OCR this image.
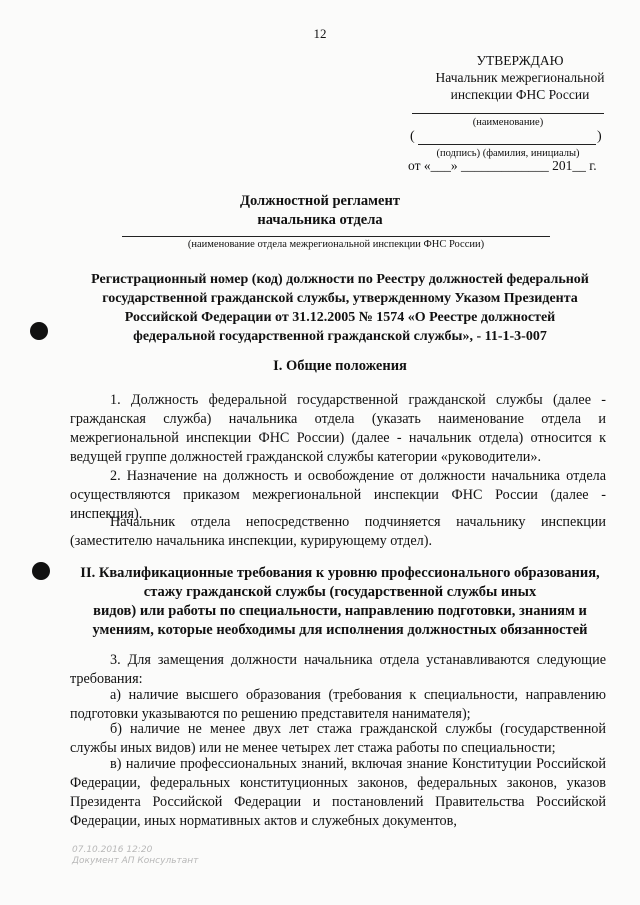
12
УТВЕРЖДАЮ
Начальник межрегиональной
инспекции ФНС России
(наименование)
(	)
(подпись) (фамилия, инициалы)
от «___» _____________ 201__ г.
Должностной регламент
начальника отдела
(наименование отдела межрегиональной инспекции ФНС России)
Регистрационный номер (код) должности по Реестру должностей федеральной
государственной гражданской службы, утвержденному Указом Президента
Российской Федерации от 31.12.2005 № 1574 «О Реестре должностей
федеральной государственной гражданской службы», - 11-1-3-007
I. Общие положения
1. Должность федеральной государственной гражданской службы (далее - гражданская служба) начальника отдела (указать наименование отдела и межрегиональной инспекции ФНС России) (далее - начальник отдела) относится к ведущей группе должностей гражданской службы категории «руководители».
2. Назначение на должность и освобождение от должности начальника отдела осуществляются приказом межрегиональной инспекции ФНС России (далее - инспекция).
Начальник отдела непосредственно подчиняется начальнику инспекции (заместителю начальника инспекции, курирующему отдел).
II. Квалификационные требования к уровню профессионального образования,
стажу гражданской службы (государственной службы иных
видов) или работы по специальности, направлению подготовки, знаниям и
умениям, которые необходимы для исполнения должностных обязанностей
3. Для замещения должности начальника отдела устанавливаются следующие требования:
а) наличие высшего образования (требования к специальности, направлению подготовки указываются по решению представителя нанимателя);
б) наличие не менее двух лет стажа гражданской службы (государственной службы иных видов) или не менее четырех лет стажа работы по специальности;
в) наличие профессиональных знаний, включая знание Конституции Российской Федерации, федеральных конституционных законов, федеральных законов, указов Президента Российской Федерации и постановлений Правительства Российской Федерации, иных нормативных актов и служебных документов,
07.10.2016 12:20
Документ АП Консультант
